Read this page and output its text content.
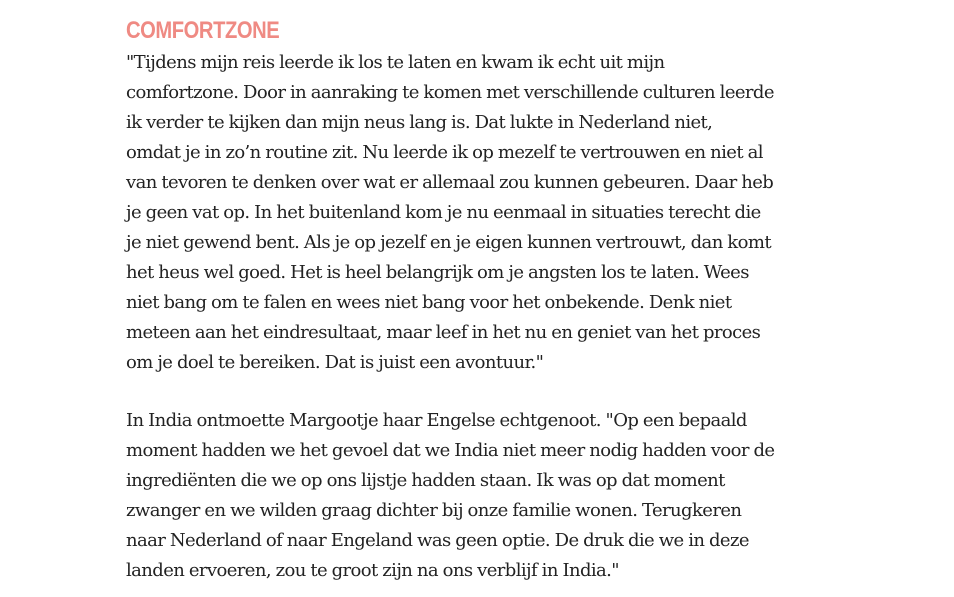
COMFORTZONE

"Tijdens mijn reis leerde ik los te laten en kwam ik echt uit mijn
comfortzone. Door in aanraking te komen met verschillende culturen leerde
ik verder te kijken dan mijn neus lang is. Dat lukte in Nederland niet,
omdat je in zo’n routine zit. Nu leerde ik op mezelf te vertrouwen en niet al
van tevoren te denken over wat er allemaal zou kunnen gebeuren. Daar heb
je geen vat op. In het buitenland kom je nu eenmaal in situaties terecht die
je niet gewend bent. Als je op jezelf en je eigen kunnen vertrouwt, dan komt
het heus wel goed. Het is heel belangrijk om je angsten los te laten. Wees
niet bang om te falen en wees niet bang voor het onbekende. Denk niet
meteen aan het eindresultaat, maar leef in het nu en geniet van het proces
om je doel te bereiken. Dat is juist een avontuur."

In India ontmoette Margootje haar Engelse echtgenoot. "Op een bepaald
moment hadden we het gevoel dat we India niet meer nodig hadden voor de
ingrediënten die we op ons lijstje hadden staan. Ik was op dat moment
zwanger en we wilden graag dichter bij onze familie wonen. Terugkeren
naar Nederland of naar Engeland was geen optie. De druk die we in deze
landen ervoeren, zou te groot zijn na ons verblijf in India."
